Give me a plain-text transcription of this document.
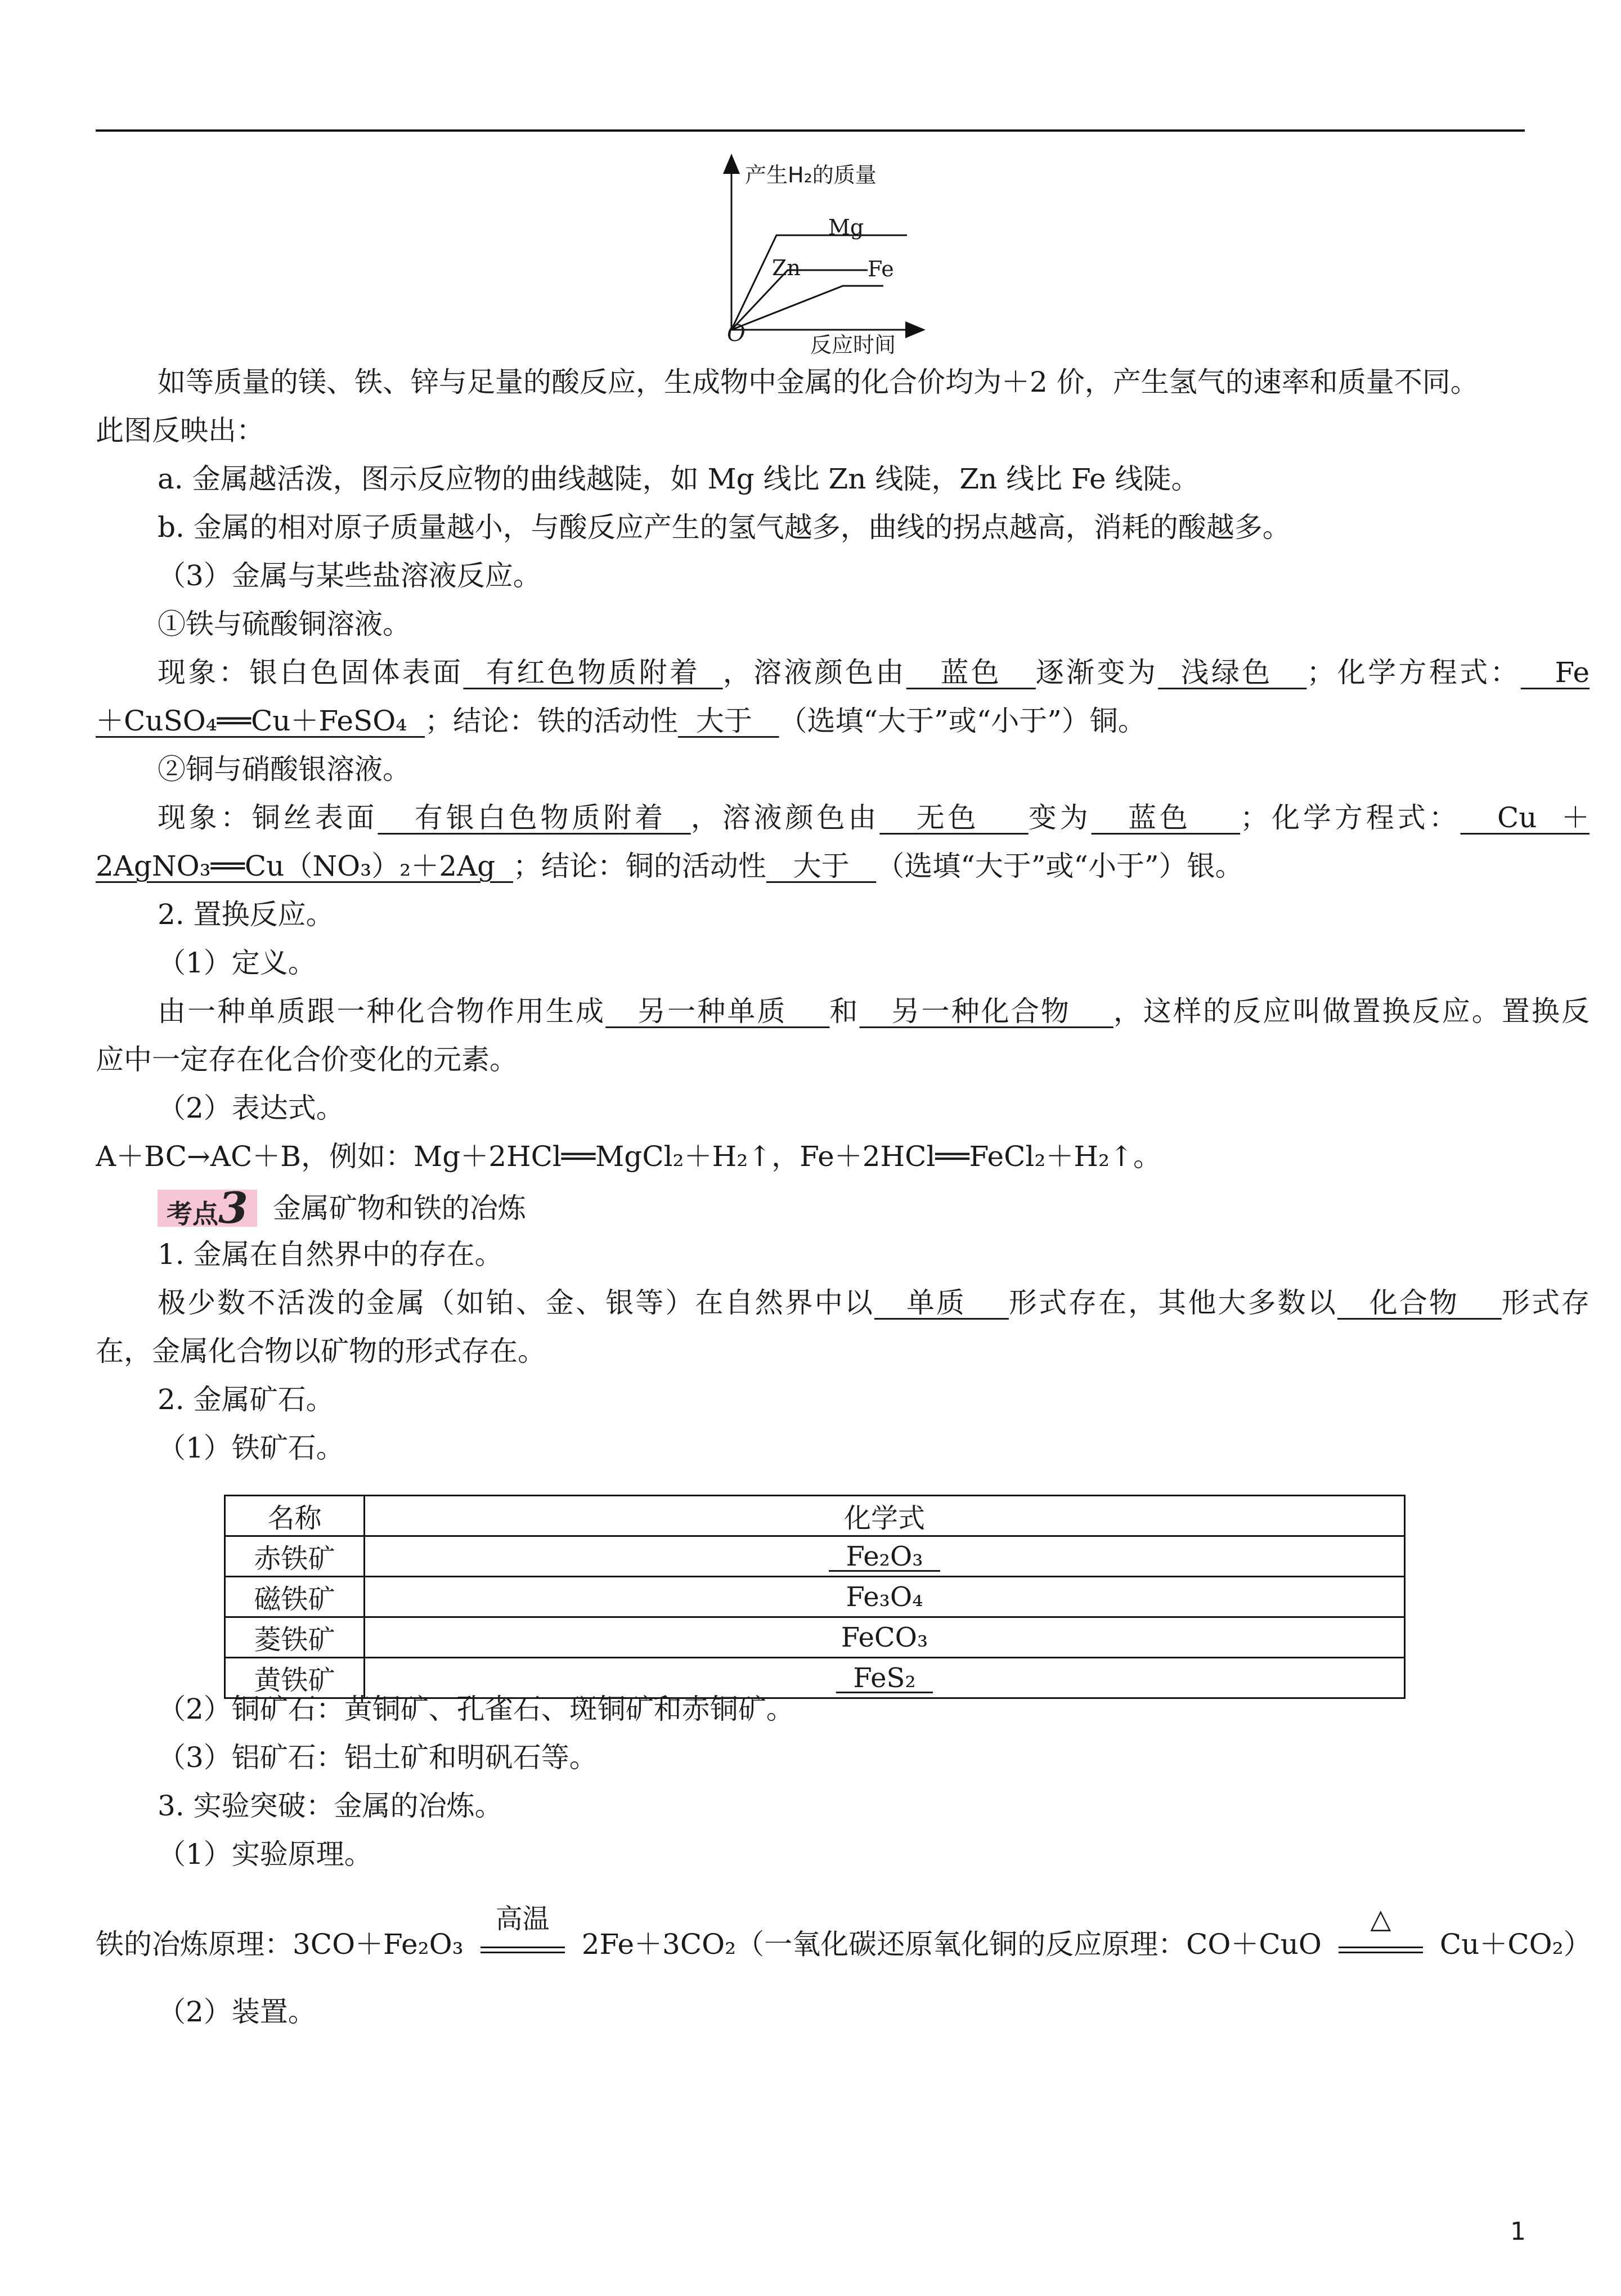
产生H₂的质量
反应时间
O
Mg
Zn	Fe
如等质量的镁、铁、锌与足量的酸反应，生成物中金属的化合价均为＋2 价，产生氢气的速率和质量不同。
此图反映出：
a. 金属越活泼，图示反应物的曲线越陡，如 Mg 线比 Zn 线陡，Zn 线比 Fe 线陡。
b. 金属的相对原子质量越小，与酸反应产生的氢气越多，曲线的拐点越高，消耗的酸越多。
（3）金属与某些盐溶液反应。
①铁与硫酸铜溶液。
现象：银白色固体表面  有红色物质附着  ，溶液颜色由   蓝色   逐渐变为  浅绿色   ；化学方程式：   Fe
＋CuSO₄══Cu＋FeSO₄  ；结论：铁的活动性  大于   （选填“大于”或“小于”）铜。
②铜与硝酸银溶液。
现象：铜丝表面   有银白色物质附着  ，溶液颜色由   无色    变为   蓝色    ；化学方程式：   Cu  ＋
2AgNO₃══Cu（NO₃）₂＋2Ag  ；结论：铜的活动性   大于   （选填“大于”或“小于”）银。
2. 置换反应。
（1）定义。
由一种单质跟一种化合物作用生成   另一种单质    和   另一种化合物    ，这样的反应叫做置换反应。置换反
应中一定存在化合价变化的元素。
（2）表达式。
A＋BC→AC＋B，例如：Mg＋2HCl══MgCl₂＋H₂↑，Fe＋2HCl══FeCl₂＋H₂↑。
考点3 金属矿物和铁的冶炼
1. 金属在自然界中的存在。
极少数不活泼的金属（如铂、金、银等）在自然界中以   单质    形式存在，其他大多数以   化合物    形式存
在，金属化合物以矿物的形式存在。
2. 金属矿石。
（1）铁矿石。
名称	化学式
赤铁矿	Fe₂O₃
磁铁矿	Fe₃O₄
菱铁矿	FeCO₃
黄铁矿	FeS₂
（2）铜矿石：黄铜矿、孔雀石、斑铜矿和赤铜矿。
（3）铝矿石：铝土矿和明矾石等。
3. 实验突破：金属的冶炼。
（1）实验原理。
铁的冶炼原理：3CO＋Fe₂O₃
高温
2Fe＋3CO₂（一氧化碳还原氧化铜的反应原理：CO＋CuO
△
Cu＋CO₂）
（2）装置。
1
